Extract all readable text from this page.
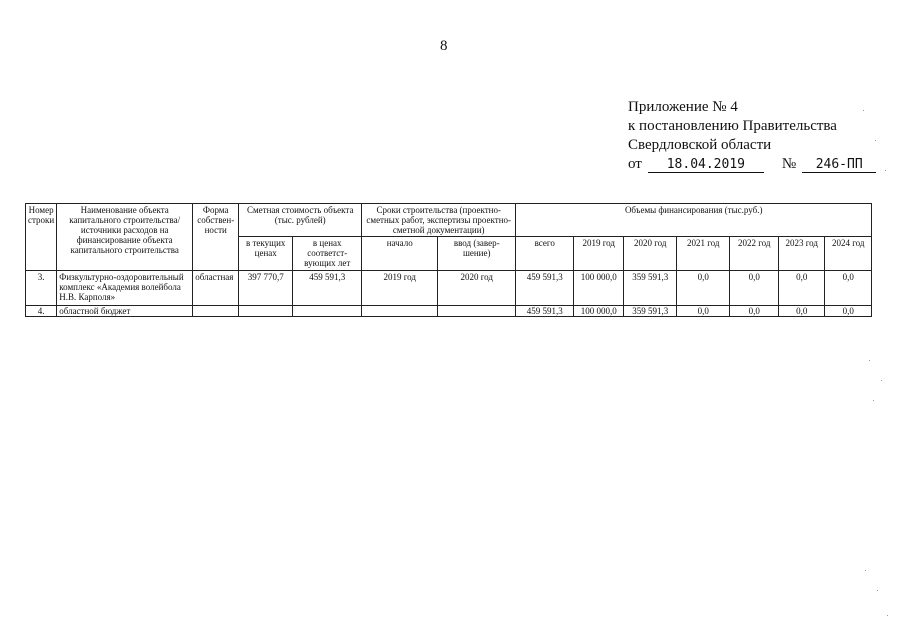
8
Приложение № 4
к постановлению Правительства
Свердловской области
от 18.04.2019 № 246-ПП
Номер строки	Наименование объекта капитального строительства/ источники расходов на финансирование объекта капитального строительства	Форма собствен-ности	Сметная стоимость объекта (тыс. рублей)		Сроки строительства (проектно-сметных работ, экспертизы проектно-сметной документации)		Объемы финансирования (тыс.руб.)						
			в текущих ценах	в ценах соответст-вующих лет	начало	ввод (завер-шение)	всего	2019 год	2020 год	2021 год	2022 год	2023 год	2024 год
3.	Физкультурно-оздоровительный комплекс «Академия волейбола Н.В. Карполя»	областная	397 770,7	459 591,3	2019 год	2020 год	459 591,3	100 000,0	359 591,3	0,0	0,0	0,0	0,0
4.	областной бюджет						459 591,3	100 000,0	359 591,3	0,0	0,0	0,0	0,0
